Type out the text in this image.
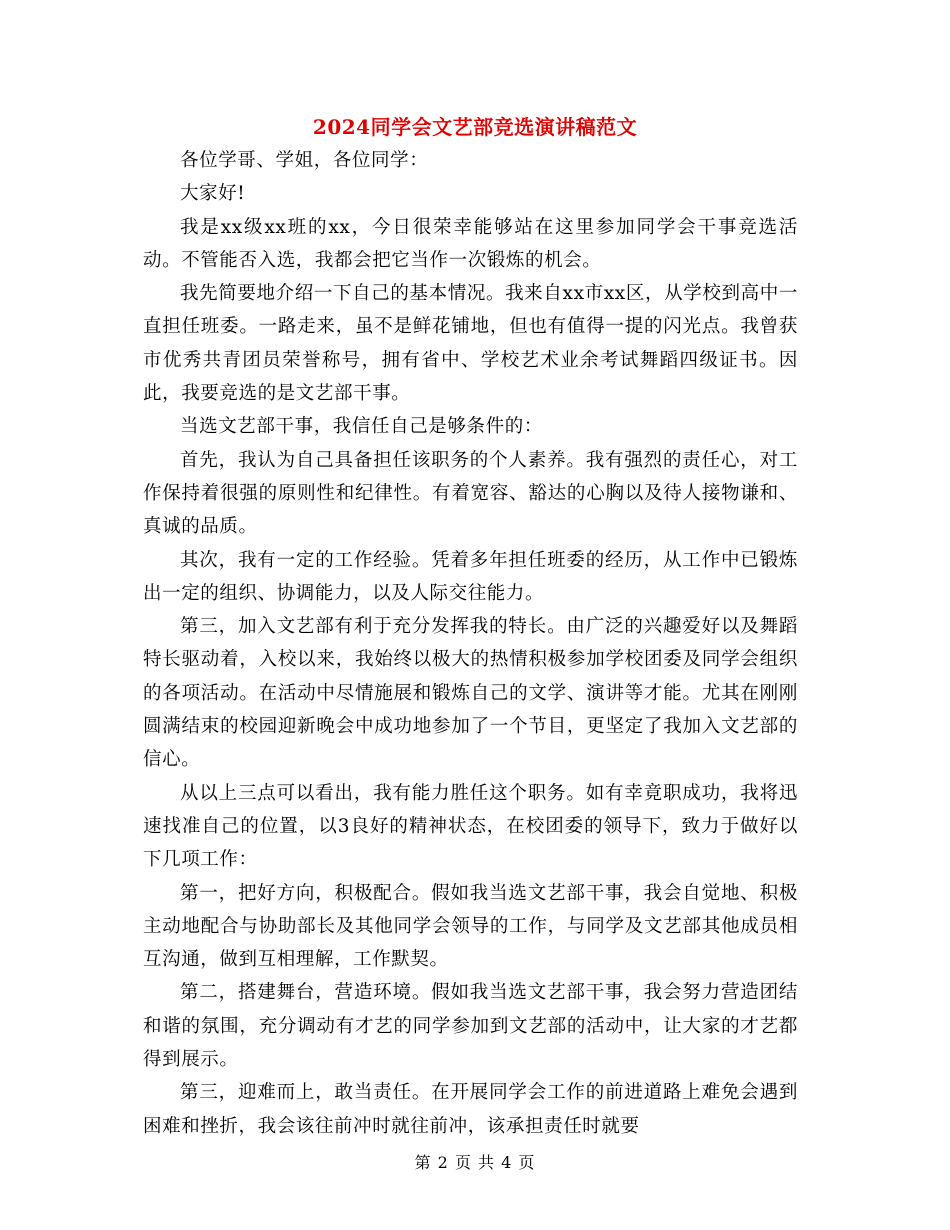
2024同学会文艺部竞选演讲稿范文

各位学哥、学姐，各位同学：

大家好!

我是xx级xx班的xx，今日很荣幸能够站在这里参加同学会干事竞选活动。不管能否入选，我都会把它当作一次锻炼的机会。

我先简要地介绍一下自己的基本情况。我来自xx市xx区，从学校到高中一直担任班委。一路走来，虽不是鲜花铺地，但也有值得一提的闪光点。我曾获市优秀共青团员荣誉称号，拥有省中、学校艺术业余考试舞蹈四级证书。因此，我要竞选的是文艺部干事。

当选文艺部干事，我信任自己是够条件的：

首先，我认为自己具备担任该职务的个人素养。我有强烈的责任心，对工作保持着很强的原则性和纪律性。有着宽容、豁达的心胸以及待人接物谦和、真诚的品质。

其次，我有一定的工作经验。凭着多年担任班委的经历，从工作中已锻炼出一定的组织、协调能力，以及人际交往能力。

第三，加入文艺部有利于充分发挥我的特长。由广泛的兴趣爱好以及舞蹈特长驱动着，入校以来，我始终以极大的热情积极参加学校团委及同学会组织的各项活动。在活动中尽情施展和锻炼自己的文学、演讲等才能。尤其在刚刚圆满结束的校园迎新晚会中成功地参加了一个节目，更坚定了我加入文艺部的信心。

从以上三点可以看出，我有能力胜任这个职务。如有幸竟职成功，我将迅速找准自己的位置，以3良好的精神状态，在校团委的领导下，致力于做好以下几项工作：

第一，把好方向，积极配合。假如我当选文艺部干事，我会自觉地、积极主动地配合与协助部长及其他同学会领导的工作，与同学及文艺部其他成员相互沟通，做到互相理解，工作默契。

第二，搭建舞台，营造环境。假如我当选文艺部干事，我会努力营造团结和谐的氛围，充分调动有才艺的同学参加到文艺部的活动中，让大家的才艺都得到展示。

第三，迎难而上，敢当责任。在开展同学会工作的前进道路上难免会遇到困难和挫折，我会该往前冲时就往前冲，该承担责任时就要

第 2 页 共 4 页
